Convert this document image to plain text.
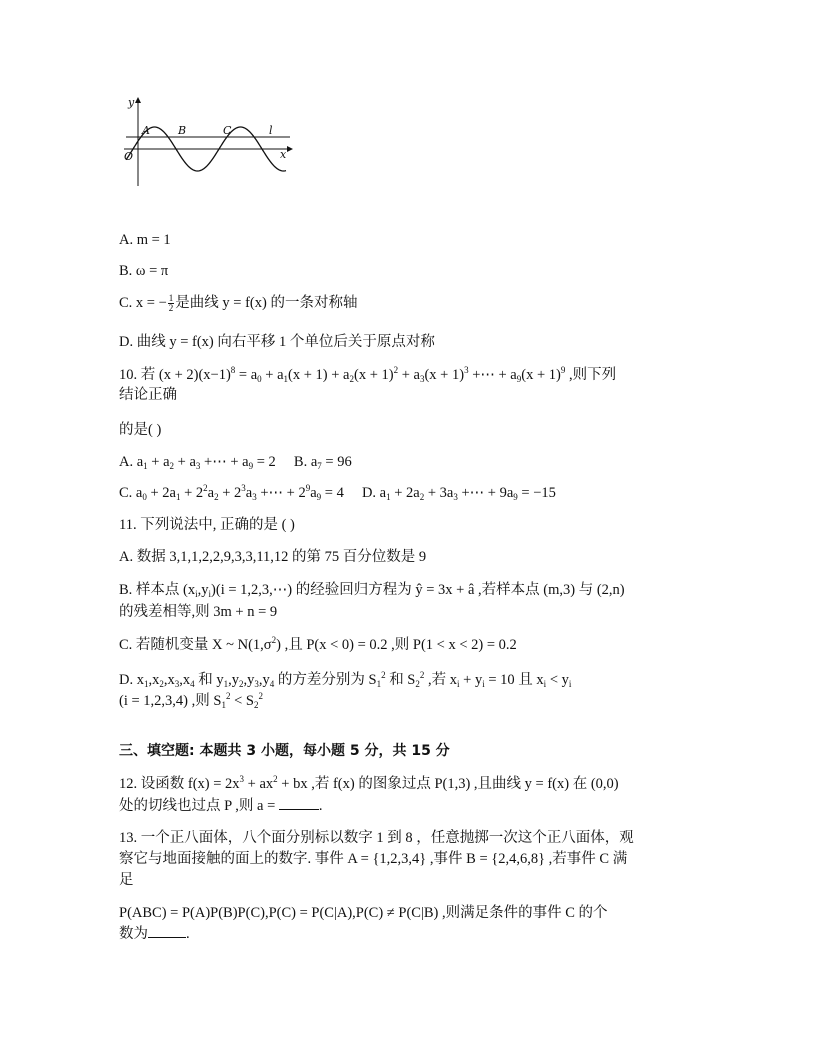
y
x
O
A	B	C	l
A. m = 1
B. ω = π
C. x = − $\frac{1}{2}$ 是曲线 y = f(x) 的一条对称轴
D. 曲线 y = f(x) 向右平移 1 个单位后关于原点对称
10. 若 $(x + 2)(x-1)^8 = a_0 + a_1(x + 1) + a_2(x + 1)^2 + a_3(x + 1)^3$ +⋯ + $a_9(x + 1)^9$ ,则下列
结论正确
的是( )
A. $a_1 + a_2 + a_3$ +⋯ + $a_9 = 2$     B. $a_7 = 96$
C. $a_0 + 2a_1 + 2^2a_2 + 2^3a_3$ +⋯ + $2^9a_9 = 4$     D. $a_1 + 2a_2 + 3a_3$ +⋯ + $9a_9 = -15$
11. 下列说法中, 正确的是 ( )
A. 数据 3,1,1,2,2,9,3,3,11,12 的第 75 百分位数是 9
B. 样本点 $(x_i,y_i)(i$ = 1,2,3,⋯) 的经验回归方程为 ŷ = 3x + â ,若样本点 (m,3) 与 (2,n)
的残差相等,则 3m + n = 9
C. 若随机变量 X ~ $N(1,\sigma^2)$ ,且 P(x < 0) = 0.2 ,则 P(1 < x < 2) = 0.2
D. $x_1,x_2,x_3,x_4$ 和 $y_1,y_2,y_3,y_4$ 的方差分别为 $S_1^2$ 和 $S_2^2$ ,若 $x_i + y_i = 10$ 且 $x_i < y_i$
(i = 1,2,3,4) ,则 $S_1^2 < S_2^2$
三、填空题: 本题共 3 小题，每小题 5 分，共 15 分
12. 设函数 $f(x) = 2x^3 + ax^2$ + bx ,若 f(x) 的图象过点 P(1,3) ,且曲线 y = f(x) 在 (0,0)
处的切线也过点 P ,则 a =	.
13. 一个正八面体，八个面分别标以数字 1 到 8 ，任意抛掷一次这个正八面体，观
察它与地面接触的面上的数字. 事件 A = {1,2,3,4} ,事件 B = {2,4,6,8} ,若事件 C 满
足
P(ABC) = P(A)P(B)P(C),P(C) = P(C|A),P(C) ≠ P(C|B) ,则满足条件的事件 C 的个
数为	.
